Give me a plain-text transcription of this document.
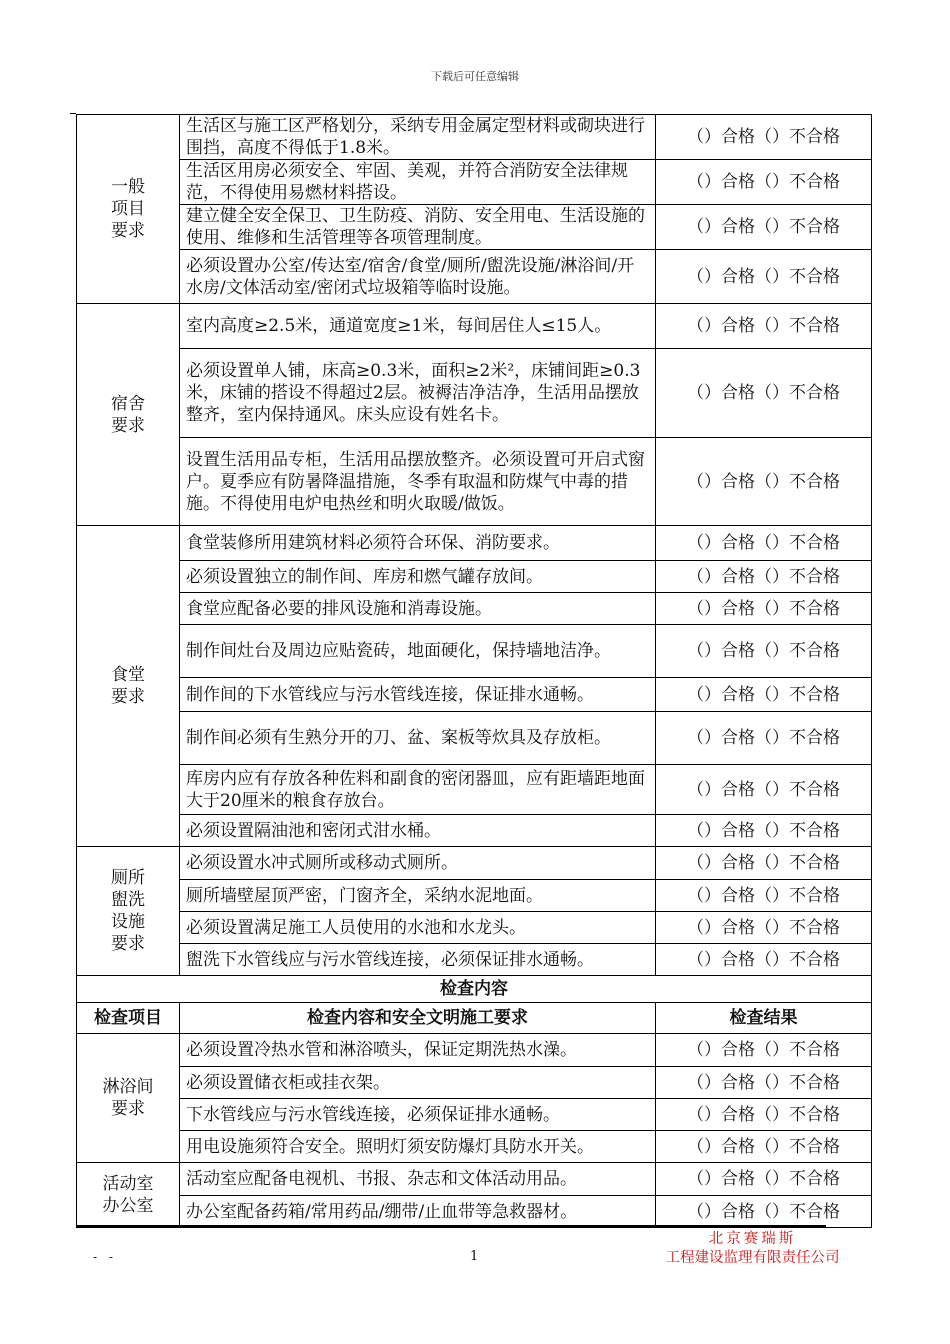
下载后可任意编辑
一般
项目
要求	生活区与施工区严格划分，采纳专用金属定型材料或砌块进行围挡，高度不得低于1.8米。	（）合格（）不合格
	生活区用房必须安全、牢固、美观，并符合消防安全法律规范，不得使用易燃材料搭设。	（）合格（）不合格
	建立健全安全保卫、卫生防疫、消防、安全用电、生活设施的使用、维修和生活管理等各项管理制度。	（）合格（）不合格
	必须设置办公室/传达室/宿舍/食堂/厕所/盥洗设施/淋浴间/开水房/文体活动室/密闭式垃圾箱等临时设施。	（）合格（）不合格
宿舍
要求	室内高度≥2.5米，通道宽度≥1米，每间居住人≤15人。	（）合格（）不合格
	必须设置单人铺，床高≥0.3米，面积≥2米²，床铺间距≥0.3米，床铺的搭设不得超过2层。被褥洁净洁净，生活用品摆放整齐，室内保持通风。床头应设有姓名卡。	（）合格（）不合格
	设置生活用品专柜，生活用品摆放整齐。必须设置可开启式窗户。夏季应有防暑降温措施，冬季有取温和防煤气中毒的措施。不得使用电炉电热丝和明火取暖/做饭。	（）合格（）不合格
食堂
要求	食堂装修所用建筑材料必须符合环保、消防要求。	（）合格（）不合格
	必须设置独立的制作间、库房和燃气罐存放间。	（）合格（）不合格
	食堂应配备必要的排风设施和消毒设施。	（）合格（）不合格
	制作间灶台及周边应贴瓷砖，地面硬化，保持墙地洁净。	（）合格（）不合格
	制作间的下水管线应与污水管线连接，保证排水通畅。	（）合格（）不合格
	制作间必须有生熟分开的刀、盆、案板等炊具及存放柜。	（）合格（）不合格
	库房内应有存放各种佐料和副食的密闭器皿，应有距墙距地面大于20厘米的粮食存放台。	（）合格（）不合格
	必须设置隔油池和密闭式泔水桶。	（）合格（）不合格
厕所
盥洗
设施
要求	必须设置水冲式厕所或移动式厕所。	（）合格（）不合格
	厕所墙壁屋顶严密，门窗齐全，采纳水泥地面。	（）合格（）不合格
	必须设置满足施工人员使用的水池和水龙头。	（）合格（）不合格
	盥洗下水管线应与污水管线连接，必须保证排水通畅。	（）合格（）不合格
检查内容		
检查项目	检查内容和安全文明施工要求	检查结果
淋浴间
要求	必须设置冷热水管和淋浴喷头，保证定期洗热水澡。	（）合格（）不合格
	必须设置储衣柜或挂衣架。	（）合格（）不合格
	下水管线应与污水管线连接，必须保证排水通畅。	（）合格（）不合格
	用电设施须符合安全。照明灯须安防爆灯具防水开关。	（）合格（）不合格
活动室
办公室	活动室应配备电视机、书报、杂志和文体活动用品。	（）合格（）不合格
	办公室配备药箱/常用药品/绷带/止血带等急救器材。	（）合格（）不合格
- -	1
北京赛瑞斯
工程建设监理有限责任公司
